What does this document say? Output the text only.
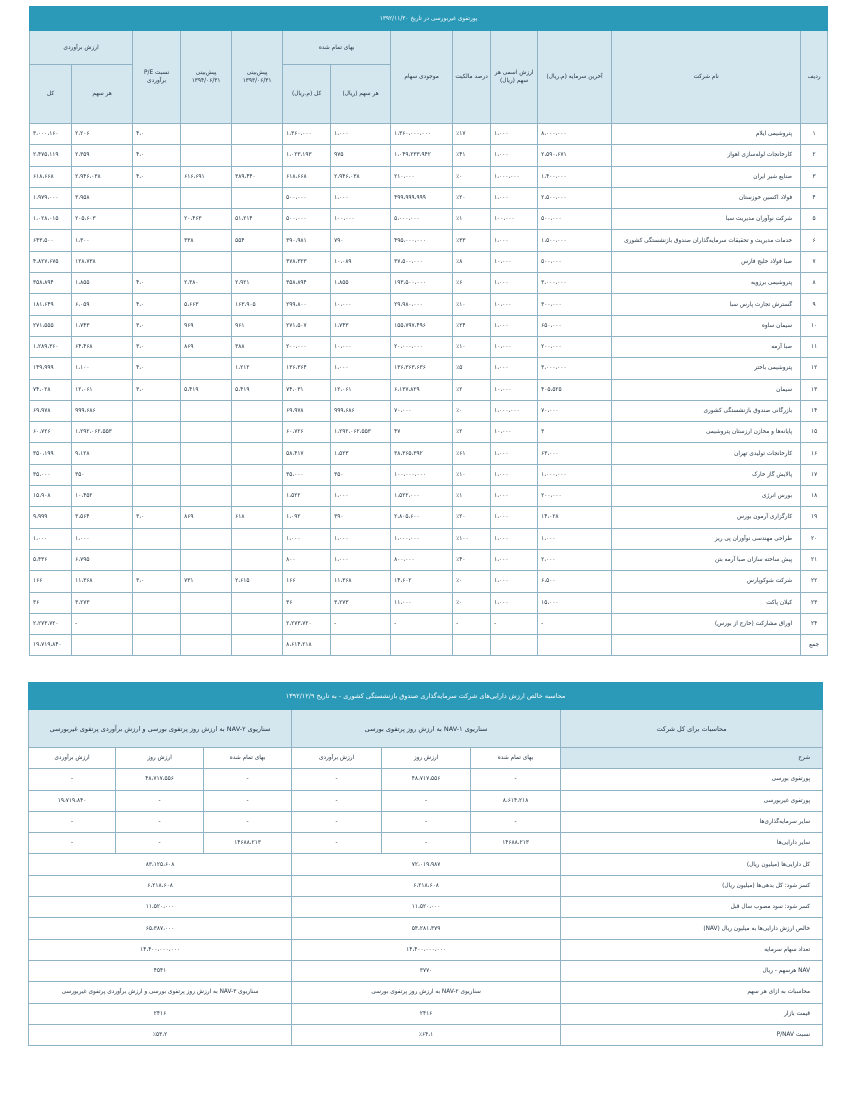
پورتفوی غیربورسی در تاریخ ۱۳۹۲/۱۱/۳۰												
ردیف	نام شرکت	آخرین سرمایه (م.ریال)	ارزش اسمی هر سهم (ریال)	درصد مالکیت	موجودی سهام	بهای تمام شده		پیش‌بینی ۱۳۹۳/۰۶/۳۱	پیش‌بینی ۱۳۹۴/۰۶/۳۱	نسبت P/E برآوردی	ارزش برآوردی	
						هر سهم (ریال)	کل (م.ریال)				هر سهم	کل
۱	پتروشیمی ایلام	۸،۰۰۰،۰۰۰	۱،۰۰۰	٪۱۷	۱،۳۶۰،۰۰۰،۰۰۰	۱،۰۰۰	۱،۳۶۰،۰۰۰			۴،۰	۲،۲۰۶	۳،۰۰۰،۱۶۰
۲	کارخانجات لوله‌سازی اهواز	۲،۵۹۰،۶۷۱	۱،۰۰۰	٪۴۱	۱،۰۴۹،۲۳۳،۹۴۲	۹۷۵	۱،۰۲۳،۱۹۳			۴،۰	۲،۳۵۹	۲،۴۷۵،۱۱۹
۳	صنایع شیر ایران	۱،۴۰۰،۰۰۰	۱،۰۰۰،۰۰۰	٪۰	۲۱۰،۰۰۰	۲،۹۴۶،۰۳۸	۶۱۸،۶۶۸	۳۸۹،۴۴۰	۶۱۶،۶۹۱	۴،۰	۲،۹۴۶،۰۳۸	۶۱۸،۶۶۸
۴	فولاد اکسین خوزستان	۲،۵۰۰،۰۰۰	۱،۰۰۰	٪۲۰	۴۹۹،۹۹۹،۹۹۹	۱،۰۰۰	۵۰۰،۰۰۰				۳،۹۵۸	۱،۹۷۹،۰۰۰
۵	شرکت نوآوران مدیریت سبا	۵۰۰،۰۰۰	۱۰۰،۰۰۰	٪۱	۵،۰۰۰،۰۰۰	۱۰۰،۰۰۰	۵۰۰،۰۰۰	۵۱،۲۱۴	۲۰،۴۶۳		۲۰۵،۶۰۳	۱،۰۲۸،۰۱۵
۶	خدمات مدیریت و تحقیقات سرمایه‌گذاران صندوق بازنشستگی کشوری	۱،۵۰۰،۰۰۰	۱،۰۰۰	٪۳۳	۴۹۵،۰۰۰،۰۰۰	۷۹۰	۳۹۰،۹۸۱	۵۵۴	۳۳۸		۱،۳۰۰	۶۴۳،۵۰۰
۷	صبا فولاد خلیج فارس	۵۰۰،۰۰۰	۱۰،۰۰۰	٪۸	۳۷،۵۰۰،۰۰۰	۱۰،۰۸۹	۳۷۸،۳۲۳				۱۲۸،۷۳۸	۴،۸۲۷،۶۷۵
۸	پتروشیمی برزویه	۳،۰۰۰،۰۰۰	۱،۰۰۰	٪۶	۱۹۳،۵۰۰،۰۰۰	۱،۸۵۵	۳۵۸،۸۹۴	۲،۹۲۱	۲،۳۸۰	۴،۰	۱،۸۵۵	۳۵۸،۸۹۴
۹	گسترش تجارت پارس سبا	۳۰۰،۰۰۰	۱۰،۰۰۰	٪۱۰	۲۹،۹۸۰،۰۰۰	۱۰،۰۰۰	۲۹۹،۸۰۰	۱۶۳،۹۰۵	۵،۶۶۳	۴،۰	۶،۰۵۹	۱۸۱،۶۴۹
۱۰	سیمان ساوه	۶۵۰،۰۰۰	۱،۰۰۰	٪۲۴	۱۵۵،۷۹۷،۴۹۶	۱،۷۴۳	۲۷۱،۵۰۷	۹۶۱	۹۶۹	۳،۰	۱،۷۴۳	۲۷۱،۵۵۵
۱۱	صبا آرمه	۲۰۰،۰۰۰	۱۰،۰۰۰	٪۱۰	۲۰،۰۰۰،۰۰۰	۱۰،۰۰۰	۲۰۰،۰۰۰	۳۸۸	۸۶۹	۳،۰	۶۴،۴۶۸	۱،۲۸۹،۳۶۰
۱۲	پتروشیمی باختر	۳،۰۰۰،۰۰۰	۱،۰۰۰	٪۵	۱۳۶،۳۶۳،۶۳۶	۱،۰۰۰	۱۳۶،۳۶۴	۱،۲۱۲		۴،۰	۱،۱۰۰	۱۴۹،۹۹۹
۱۳	سیمان	۴۰۵،۵۲۵	۱۰،۰۰۰	٪۲	۶،۱۳۷،۸۲۹	۱۲،۰۶۱	۷۴،۰۳۱	۵،۴۱۹	۵،۴۱۹	۳،۰	۱۲،۰۶۱	۷۴،۰۲۸
۱۴	بازرگانی صندوق بازنشستگی کشوری	۷۰،۰۰۰	۱،۰۰۰،۰۰۰	٪۰	۷۰،۰۰۰	۹۹۹،۶۸۶	۶۹،۹۷۸				۹۹۹،۶۸۶	۶۹،۹۷۸
۱۵	پایانه‌ها و مخازن ارزستان پتروشیمی	۳	۱۰،۰۰۰	٪۲	۴۷	۱،۲۹۲،۰۶۲،۵۵۳	۶۰،۷۲۶				۱،۲۹۲،۰۶۲،۵۵۳	۶۰،۷۲۶
۱۶	کارخانجات تولیدی تهران	۶۳،۰۰۰	۱،۰۰۰	٪۶۱	۳۸،۳۶۵،۳۹۲	۱،۵۲۳	۵۸،۴۱۷				۹،۱۲۸	۳۵۰،۱۹۹
۱۷	پالایش گاز خارک	۱،۰۰۰،۰۰۰	۱،۰۰۰	٪۱۰	۱۰۰،۰۰۰،۰۰۰	۳۵۰	۳۵،۰۰۰				۳۵۰	۳۵،۰۰۰
۱۸	بورس انرژی	۲۰۰،۰۰۰	۱،۰۰۰	٪۱	۱،۵۲۲،۰۰۰	۱،۰۰۰	۱،۵۲۲				۱۰،۴۵۲	۱۵،۹۰۸
۱۹	کارگزاری آرمون بورس	۱۴،۰۲۸	۱،۰۰۰	٪۲۰	۲،۸۰۵،۶۰۰	۳۹۰	۱،۰۹۲	۶۱۸	۸۶۹	۳،۰	۳،۵۶۴	۹،۹۹۹
۲۰	طراحی مهندسی نوآوران پی ریز	۱،۰۰۰	۱،۰۰۰	٪۱۰۰	۱،۰۰۰،۰۰۰	۱،۰۰۰	۱،۰۰۰				۱،۰۰۰	۱،۰۰۰
۲۱	پیش ساخته سازان صبا آرمه بتن	۲،۰۰۰	۱،۰۰۰	٪۴۰	۸۰۰،۰۰۰	۱،۰۰۰	۸۰۰				۶،۷۹۵	۵،۴۳۶
۲۲	شرکت شوکوپارس	۶،۵۰۰	۱،۰۰۰	٪۰	۱۴،۶۰۲	۱۱،۳۶۸	۱۶۶	۲،۶۱۵	۷۳۱	۳،۰	۱۱،۳۶۸	۱۶۶
۲۳	کیلان پاکت	۱۵،۰۰۰	۱،۰۰۰	٪۰	۱۱،۰۰۰	۳،۲۷۳	۳۶				۳،۲۷۳	۳۶
۲۴	اوراق مشارکت (خارج از بورس)	-	-	-	-	-	۲،۲۷۳،۷۲۰				-	۲،۲۷۳،۷۲۰
جمع							۸،۶۱۴،۲۱۸					۱۹،۷۱۹،۸۴۰
محاسبه خالص ارزش دارایی‌های شرکت سرمایه‌گذاری صندوق بازنشستگی کشوری - به تاریخ ۱۳۹۲/۱۲/۹						
محاسبات برای کل شرکت	سناریوی NAV-۱ به ارزش روز پرتفوی بورسی			سناریوی NAV-۲ به ارزش روز پرتفوی بورسی و ارزش برآوردی پرتفوی غیربورسی		
شرح	بهای تمام شده	ارزش روز	ارزش برآوردی	بهای تمام شده	ارزش روز	ارزش برآوردی
پورتفوی بورسی	-	۴۸،۷۱۷،۵۵۶	-	-	۴۸،۷۱۷،۵۵۶	-
پورتفوی غیربورسی	۸،۶۱۴،۲۱۸	-	-	-	-	۱۹،۷۱۹،۸۴۰
سایر سرمایه‌گذاری‌ها	-	-	-	-	-	-
سایر دارایی‌ها	۱۴۶۸۸،۲۱۳	-	-	۱۴۶۸۸،۲۱۳	-	-
کل دارایی‌ها (میلیون ریال)	۷۲،۰۱۹،۹۸۷			۸۳،۱۲۵،۶۰۸		
کسر شود: کل بدهی‌ها (میلیون ریال)	۶،۲۱۸،۶۰۸			۶،۲۱۸،۶۰۸		
کسر شود: سود مصوب سال قبل	۱۱،۵۲۰،۰۰۰			۱۱،۵۲۰،۰۰۰		
خالص ارزش دارایی‌ها به میلیون ریال (NAV)	۵۴،۲۸۱،۳۷۹			۶۵،۳۸۷،۰۰۰		
تعداد سهام سرمایه	۱۴،۴۰۰،۰۰۰،۰۰۰			۱۴،۴۰۰،۰۰۰،۰۰۰		
NAV هرسهم - ریال	۳۷۷۰			۴۵۴۱		
محاسبات به ازای هر سهم	سناریوی NAV-۲ به ارزش روز پرتفوی بورسی			سناریوی NAV-۳ به ارزش روز پرتفوی بورسی و ارزش برآوردی پرتفوی غیربورسی		
قیمت بازار	۲۴۱۶			۲۴۱۶		
نسبت P/NAV	٪۶۴،۱			٪۵۳،۲		
